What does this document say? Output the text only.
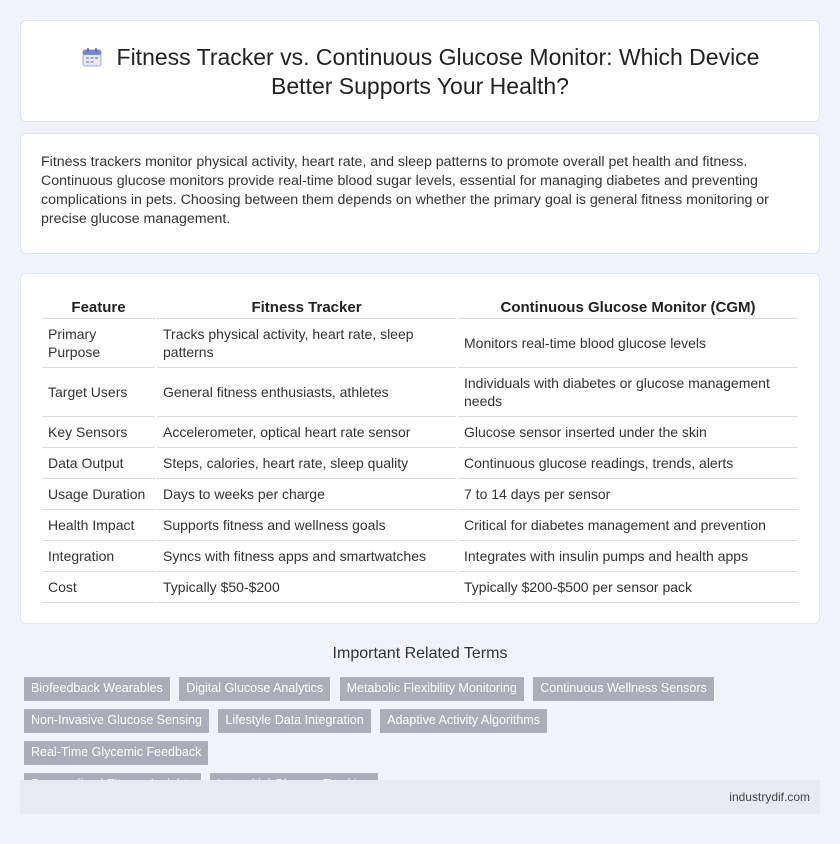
Fitness Tracker vs. Continuous Glucose Monitor: Which Device Better Supports Your Health?

Fitness trackers monitor physical activity, heart rate, and sleep patterns to promote overall pet health and fitness. Continuous glucose monitors provide real-time blood sugar levels, essential for managing diabetes and preventing complications in pets. Choosing between them depends on whether the primary goal is general fitness monitoring or precise glucose management.

Feature	Fitness Tracker	Continuous Glucose Monitor (CGM)
Primary Purpose	Tracks physical activity, heart rate, sleep patterns	Monitors real-time blood glucose levels
Target Users	General fitness enthusiasts, athletes	Individuals with diabetes or glucose management needs
Key Sensors	Accelerometer, optical heart rate sensor	Glucose sensor inserted under the skin
Data Output	Steps, calories, heart rate, sleep quality	Continuous glucose readings, trends, alerts
Usage Duration	Days to weeks per charge	7 to 14 days per sensor
Health Impact	Supports fitness and wellness goals	Critical for diabetes management and prevention
Integration	Syncs with fitness apps and smartwatches	Integrates with insulin pumps and health apps
Cost	Typically $50-$200	Typically $200-$500 per sensor pack
Important Related Terms
Biofeedback Wearables Digital Glucose Analytics Metabolic Flexibility Monitoring Continuous Wellness Sensors
Non-Invasive Glucose Sensing Lifestyle Data Integration Adaptive Activity Algorithms Real-Time Glycemic Feedback

industrydif.com
